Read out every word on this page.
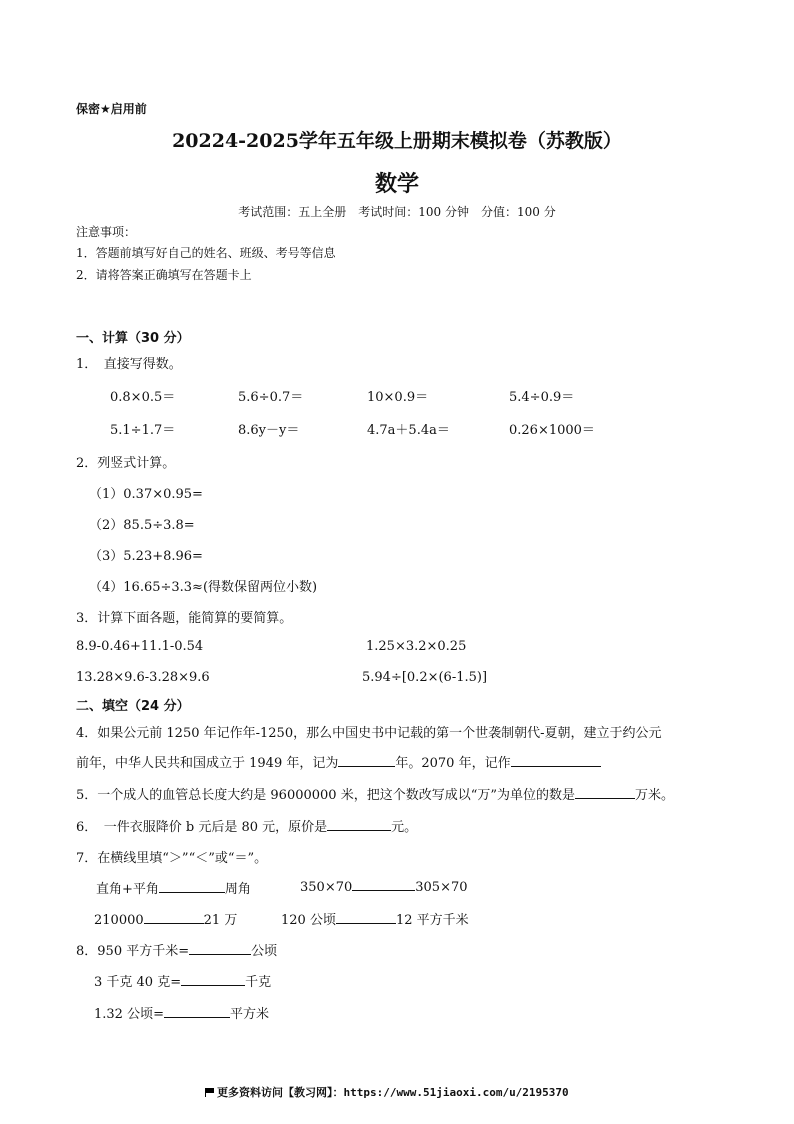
保密★启用前
20224-2025学年五年级上册期末模拟卷（苏教版）
数学
考试范围：五上全册　考试时间：100 分钟　分值：100 分
注意事项：
1．答题前填写好自己的姓名、班级、考号等信息
2．请将答案正确填写在答题卡上
一、计算（30 分）
1．　直接写得数。
0.8×0.5＝	5.6÷0.7＝	10×0.9＝	5.4÷0.9＝
5.1÷1.7＝	8.6y－y＝	4.7a＋5.4a＝	0.26×1000＝
2．列竖式计算。
（1）0.37×0.95=
（2）85.5÷3.8=
（3）5.23+8.96=
（4）16.65÷3.3≈(得数保留两位小数)
3．计算下面各题，能简算的要简算。
8.9-0.46+11.1-0.54	1.25×3.2×0.25
13.28×9.6-3.28×9.6	5.94÷[0.2×(6-1.5)]
二、填空（24 分）
4．如果公元前 1250 年记作年-1250，那么中国史书中记载的第一个世袭制朝代-夏朝，建立于约公元
前年，中华人民共和国成立于 1949 年，记为	年。2070 年，记作
5．一个成人的血管总长度大约是 96000000 米，把这个数改写成以“万”为单位的数是	万米。
6．　一件衣服降价 b 元后是 80 元，原价是	元。
7．在横线里填“＞”“＜”或“＝”。
直角+平角	周角	350×70	305×70
210000	21 万	120 公顷	12 平方千米
8．950 平方千米=	公顷
3 千克 40 克=	千克
1.32 公顷=	平方米
更多资料访问【教习网】：https://www.51jiaoxi.com/u/2195370
